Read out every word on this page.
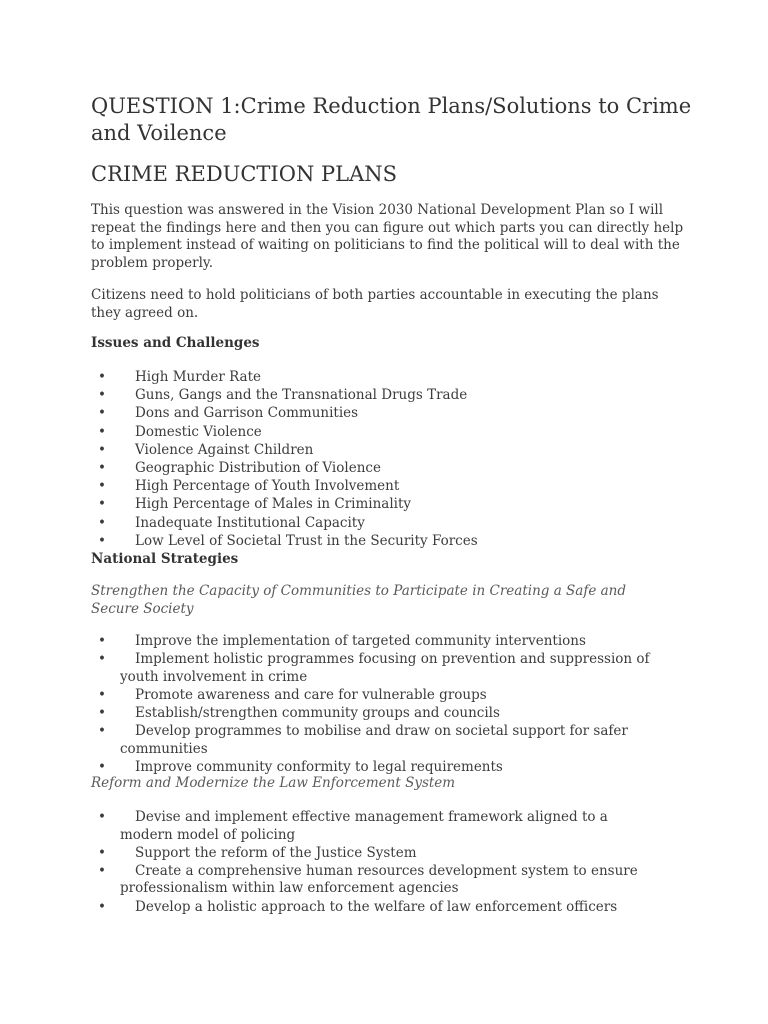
QUESTION 1:Crime Reduction Plans/Solutions to Crime and Voilence
CRIME REDUCTION PLANS
This question was answered in the Vision 2030 National Development Plan so I will repeat the findings here and then you can figure out which parts you can directly help to implement instead of waiting on politicians to find the political will to deal with the problem properly.
Citizens need to hold politicians of both parties accountable in executing the plans they agreed on.
Issues and Challenges
•	High Murder Rate
•	Guns, Gangs and the Transnational Drugs Trade
•	Dons and Garrison Communities
•	Domestic Violence
•	Violence Against Children
•	Geographic Distribution of Violence
•	High Percentage of Youth Involvement
•	High Percentage of Males in Criminality
•	Inadequate Institutional Capacity
•	Low Level of Societal Trust in the Security Forces
National Strategies
Strengthen the Capacity of Communities to Participate in Creating a Safe and Secure Society
•	Improve the implementation of targeted community interventions
•	Implement holistic programmes focusing on prevention and suppression of youth involvement in crime
•	Promote awareness and care for vulnerable groups
•	Establish/strengthen community groups and councils
•	Develop programmes to mobilise and draw on societal support for safer communities
•	Improve community conformity to legal requirements
Reform and Modernize the Law Enforcement System
•	Devise and implement effective management framework aligned to a modern model of policing
•	Support the reform of the Justice System
•	Create a comprehensive human resources development system to ensure professionalism within law enforcement agencies
•	Develop a holistic approach to the welfare of law enforcement officers
